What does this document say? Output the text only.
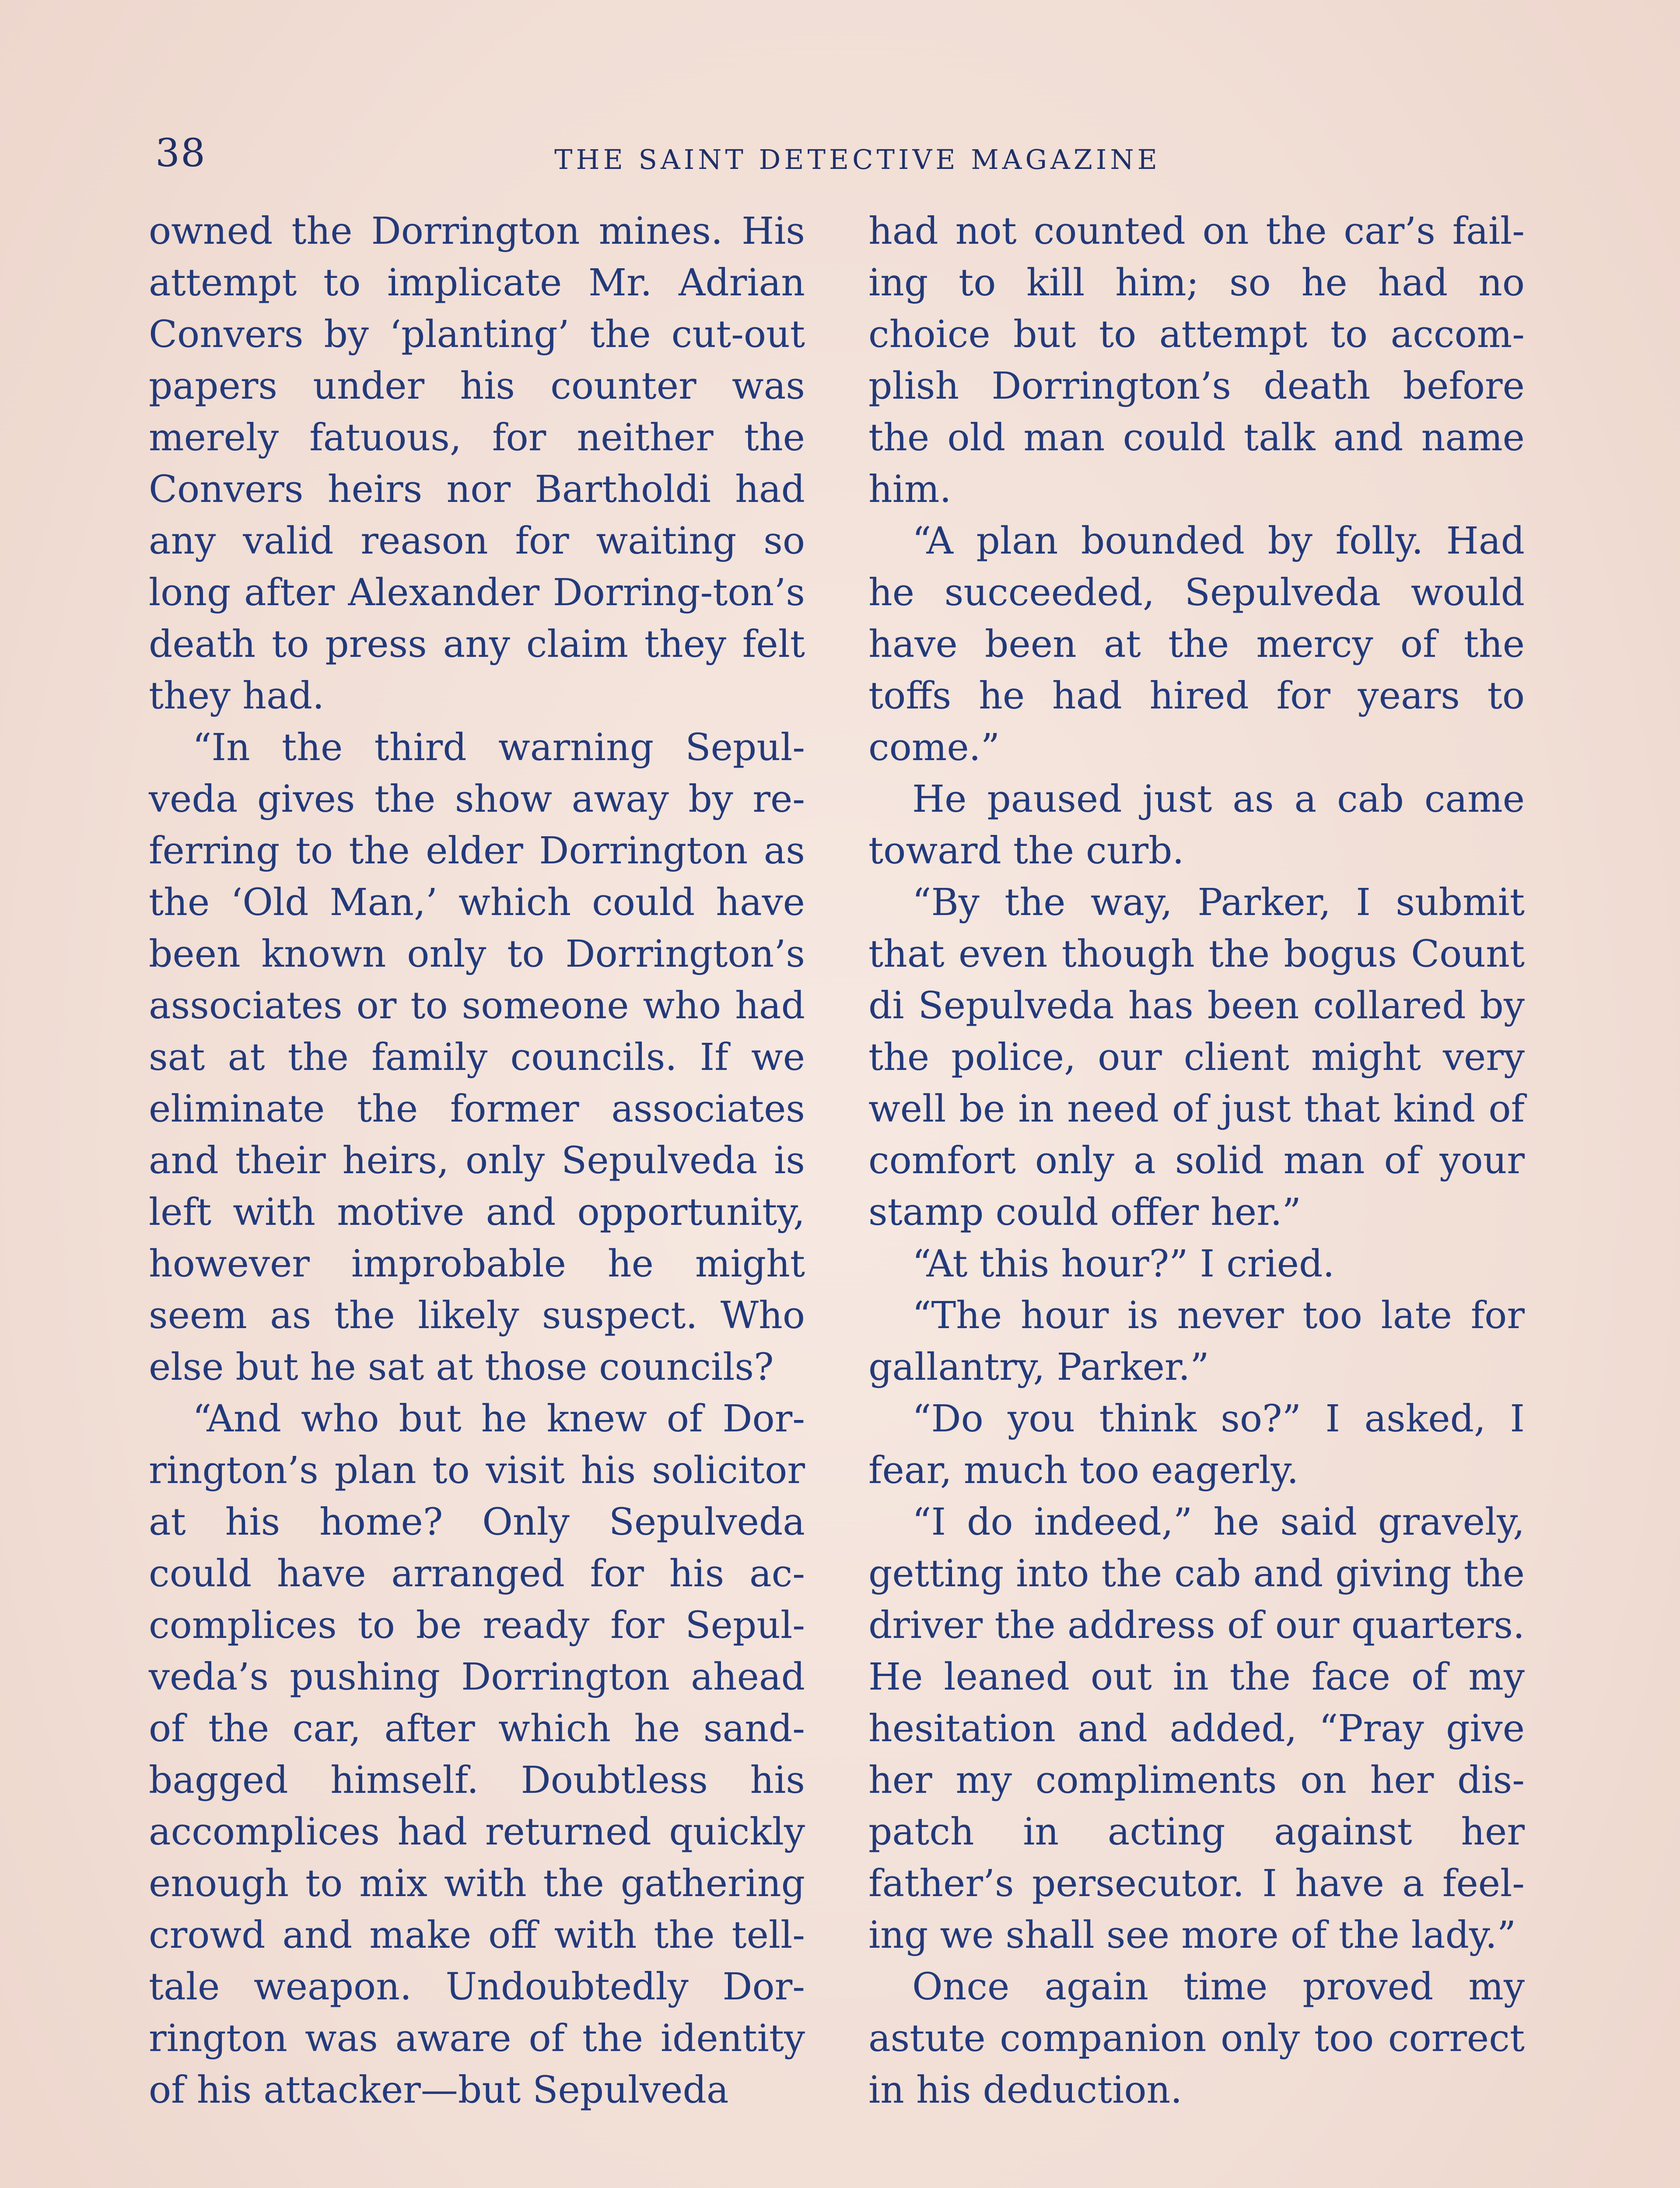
38	THE SAINT DETECTIVE MAGAZINE

owned the Dorrington mines. His attempt to implicate Mr. Adrian Convers by ‘planting’ the cut-out papers under his counter was merely fatuous, for neither the Convers heirs nor Bartholdi had any valid reason for waiting so long after Alexander Dorring-ton’s death to press any claim they felt they had.

“In the third warning Sepul-veda gives the show away by re-ferring to the elder Dorrington as the ‘Old Man,’ which could have been known only to Dorrington’s associates or to someone who had sat at the family councils. If we eliminate the former associates and their heirs, only Sepulveda is left with motive and opportunity, however improbable he might seem as the likely suspect. Who else but he sat at those councils?

“And who but he knew of Dor-rington’s plan to visit his solicitor at his home? Only Sepulveda could have arranged for his ac-complices to be ready for Sepul-veda’s pushing Dorrington ahead of the car, after which he sand-bagged himself. Doubtless his accomplices had returned quickly enough to mix with the gathering crowd and make off with the tell-tale weapon. Undoubtedly Dor-rington was aware of the identity of his attacker—but Sepulveda

had not counted on the car’s fail-ing to kill him; so he had no choice but to attempt to accom-plish Dorrington’s death before the old man could talk and name him.

“A plan bounded by folly. Had he succeeded, Sepulveda would have been at the mercy of the toffs he had hired for years to come.”

He paused just as a cab came toward the curb.

“By the way, Parker, I submit that even though the bogus Count di Sepulveda has been collared by the police, our client might very well be in need of just that kind of comfort only a solid man of your stamp could offer her.”

“At this hour?” I cried.

“The hour is never too late for gallantry, Parker.”

“Do you think so?” I asked, I fear, much too eagerly.

“I do indeed,” he said gravely, getting into the cab and giving the driver the address of our quarters. He leaned out in the face of my hesitation and added, “Pray give her my compliments on her dis-patch in acting against her father’s persecutor. I have a feel-ing we shall see more of the lady.”

Once again time proved my astute companion only too correct in his deduction.
